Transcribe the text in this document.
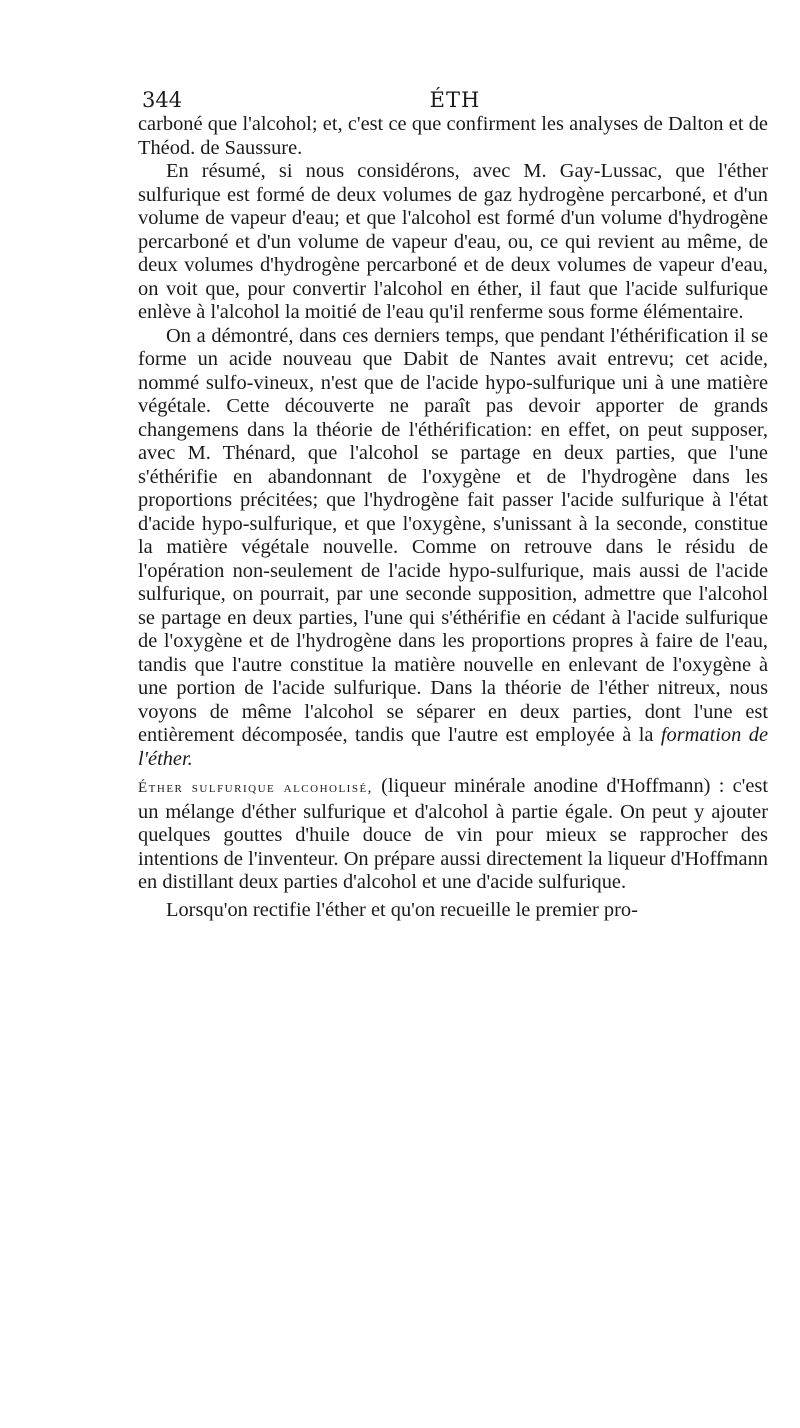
344	ÉTH

carboné que l'alcohol; et, c'est ce que confirment les analyses de Dalton et de Théod. de Saussure.

En résumé, si nous considérons, avec M. Gay-Lussac, que l'éther sulfurique est formé de deux volumes de gaz hydrogène percarboné, et d'un volume de vapeur d'eau; et que l'alcohol est formé d'un volume d'hydrogène percarboné et d'un volume de vapeur d'eau, ou, ce qui revient au même, de deux volumes d'hydrogène percarboné et de deux volumes de vapeur d'eau, on voit que, pour convertir l'alcohol en éther, il faut que l'acide sulfurique enlève à l'alcohol la moitié de l'eau qu'il renferme sous forme élémentaire.

On a démontré, dans ces derniers temps, que pendant l'éthérification il se forme un acide nouveau que Dabit de Nantes avait entrevu; cet acide, nommé sulfo-vineux, n'est que de l'acide hypo-sulfurique uni à une matière végétale. Cette découverte ne paraît pas devoir apporter de grands changemens dans la théorie de l'éthérification: en effet, on peut supposer, avec M. Thénard, que l'alcohol se partage en deux parties, que l'une s'éthérifie en abandonnant de l'oxygène et de l'hydrogène dans les proportions précitées; que l'hydrogène fait passer l'acide sulfurique à l'état d'acide hypo-sulfurique, et que l'oxygène, s'unissant à la seconde, constitue la matière végétale nouvelle. Comme on retrouve dans le résidu de l'opération non-seulement de l'acide hypo-sulfurique, mais aussi de l'acide sulfurique, on pourrait, par une seconde supposition, admettre que l'alcohol se partage en deux parties, l'une qui s'éthérifie en cédant à l'acide sulfurique de l'oxygène et de l'hydrogène dans les proportions propres à faire de l'eau, tandis que l'autre constitue la matière nouvelle en enlevant de l'oxygène à une portion de l'acide sulfurique. Dans la théorie de l'éther nitreux, nous voyons de même l'alcohol se séparer en deux parties, dont l'une est entièrement décomposée, tandis que l'autre est employée à la formation de l'éther.

Éther sulfurique alcoholisé, (liqueur minérale anodine d'Hoffmann) : c'est un mélange d'éther sulfurique et d'alcohol à partie égale. On peut y ajouter quelques gouttes d'huile douce de vin pour mieux se rapprocher des intentions de l'inventeur. On prépare aussi directement la liqueur d'Hoffmann en distillant deux parties d'alcohol et une d'acide sulfurique.

Lorsqu'on rectifie l'éther et qu'on recueille le premier pro-
